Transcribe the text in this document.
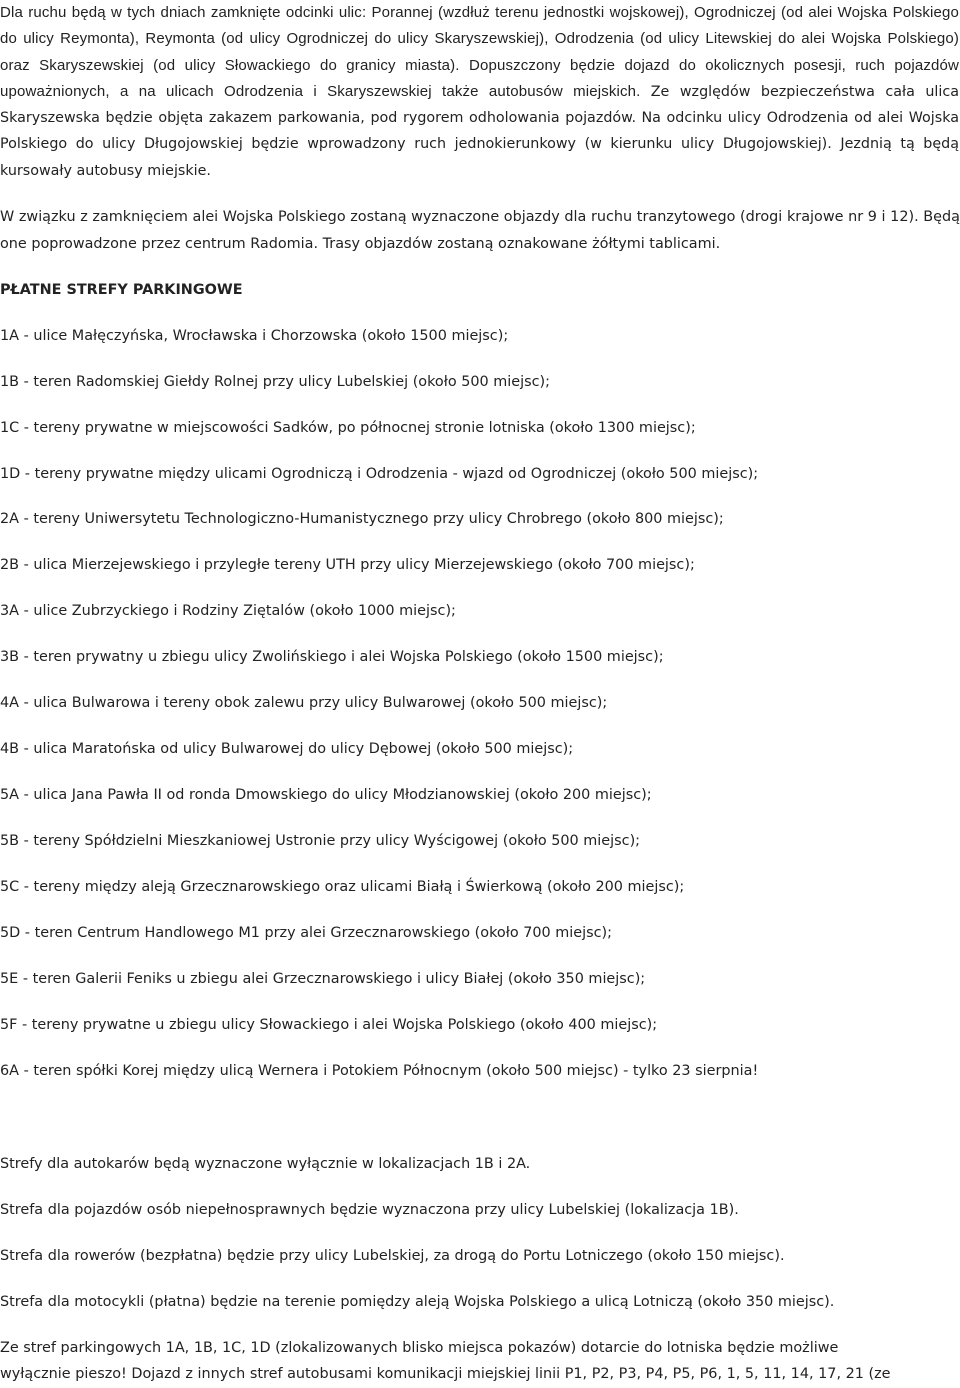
Dla ruchu będą w tych dniach zamknięte odcinki ulic: Porannej (wzdłuż terenu jednostki wojskowej), Ogrodniczej (od alei Wojska Polskiego do ulicy Reymonta), Reymonta (od ulicy Ogrodniczej do ulicy Skaryszewskiej), Odrodzenia (od ulicy Litewskiej do alei Wojska Polskiego) oraz Skaryszewskiej (od ulicy Słowackiego do granicy miasta). Dopuszczony będzie dojazd do okolicznych posesji, ruch pojazdów upoważnionych, a na ulicach Odrodzenia i Skaryszewskiej także autobusów miejskich. Ze względów bezpieczeństwa cała ulica Skaryszewska będzie objęta zakazem parkowania, pod rygorem odholowania pojazdów. Na odcinku ulicy Odrodzenia od alei Wojska Polskiego do ulicy Długojowskiej będzie wprowadzony ruch jednokierunkowy (w kierunku ulicy Długojowskiej). Jezdnią tą będą kursowały autobusy miejskie.

W związku z zamknięciem alei Wojska Polskiego zostaną wyznaczone objazdy dla ruchu tranzytowego (drogi krajowe nr 9 i 12). Będą one poprowadzone przez centrum Radomia. Trasy objazdów zostaną oznakowane żółtymi tablicami.

PŁATNE STREFY PARKINGOWE

1A - ulice Małęczyńska, Wrocławska i Chorzowska (około 1500 miejsc);

1B - teren Radomskiej Giełdy Rolnej przy ulicy Lubelskiej (około 500 miejsc);

1C - tereny prywatne w miejscowości Sadków, po północnej stronie lotniska (około 1300 miejsc);

1D - tereny prywatne między ulicami Ogrodniczą i Odrodzenia - wjazd od Ogrodniczej (około 500 miejsc);

2A - tereny Uniwersytetu Technologiczno-Humanistycznego przy ulicy Chrobrego (około 800 miejsc);

2B - ulica Mierzejewskiego i przyległe tereny UTH przy ulicy Mierzejewskiego (około 700 miejsc);

3A - ulice Zubrzyckiego i Rodziny Ziętalów (około 1000 miejsc);

3B - teren prywatny u zbiegu ulicy Zwolińskiego i alei Wojska Polskiego (około 1500 miejsc);

4A - ulica Bulwarowa i tereny obok zalewu przy ulicy Bulwarowej (około 500 miejsc);

4B - ulica Maratońska od ulicy Bulwarowej do ulicy Dębowej (około 500 miejsc);

5A - ulica Jana Pawła II od ronda Dmowskiego do ulicy Młodzianowskiej (około 200 miejsc);

5B - tereny Spółdzielni Mieszkaniowej Ustronie przy ulicy Wyścigowej (około 500 miejsc);

5C - tereny między aleją Grzecznarowskiego oraz ulicami Białą i Świerkową (około 200 miejsc);

5D - teren Centrum Handlowego M1 przy alei Grzecznarowskiego (około 700 miejsc);

5E - teren Galerii Feniks u zbiegu alei Grzecznarowskiego i ulicy Białej (około 350 miejsc);

5F - tereny prywatne u zbiegu ulicy Słowackiego i alei Wojska Polskiego (około 400 miejsc);

6A - teren spółki Korej między ulicą Wernera i Potokiem Północnym (około 500 miejsc) - tylko 23 sierpnia!

Strefy dla autokarów będą wyznaczone wyłącznie w lokalizacjach 1B i 2A.

Strefa dla pojazdów osób niepełnosprawnych będzie wyznaczona przy ulicy Lubelskiej (lokalizacja 1B).

Strefa dla rowerów (bezpłatna) będzie przy ulicy Lubelskiej, za drogą do Portu Lotniczego (około 150 miejsc).

Strefa dla motocykli (płatna) będzie na terenie pomiędzy aleją Wojska Polskiego a ulicą Lotniczą (około 350 miejsc).

Ze stref parkingowych 1A, 1B, 1C, 1D (zlokalizowanych blisko miejsca pokazów) dotarcie do lotniska będzie możliwe

wyłącznie pieszo! Dojazd z innych stref autobusami komunikacji miejskiej linii P1, P2, P3, P4, P5, P6, 1, 5, 11, 14, 17, 21 (ze
